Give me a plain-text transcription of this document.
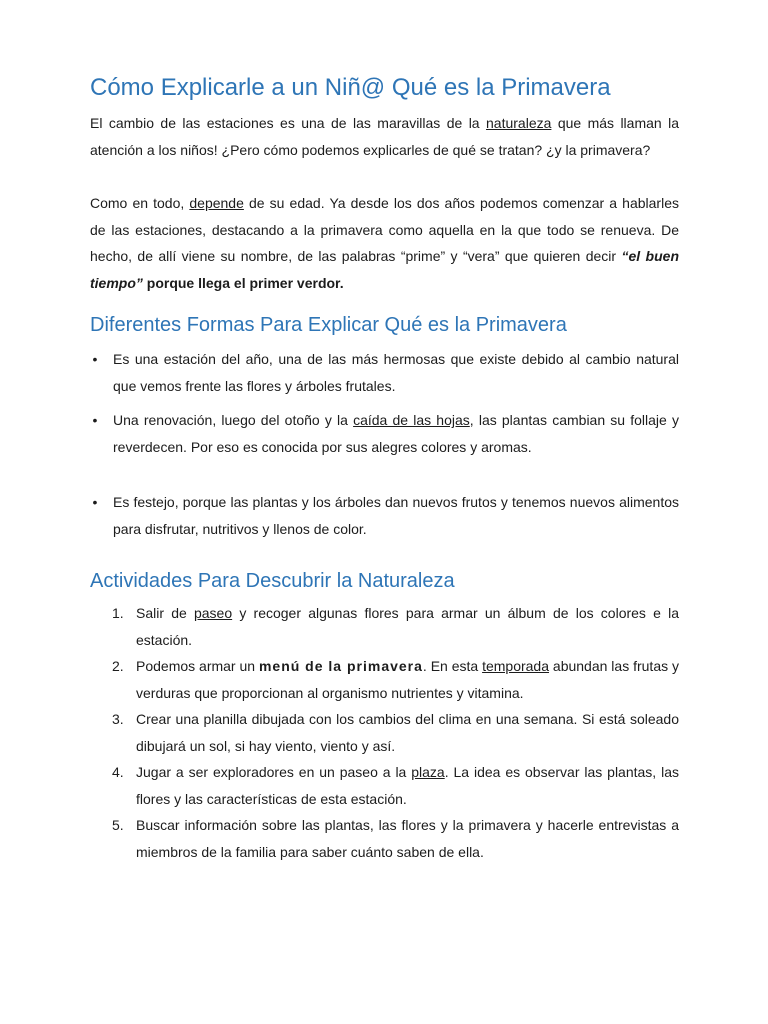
Cómo Explicarle a un Niñ@ Qué es la Primavera

El cambio de las estaciones es una de las maravillas de la naturaleza que más llaman la atención a los niños! ¿Pero cómo podemos explicarles de qué se tratan? ¿y la primavera?

Como en todo, depende de su edad. Ya desde los dos años podemos comenzar a hablarles de las estaciones, destacando a la primavera como aquella en la que todo se renueva. De hecho, de allí viene su nombre, de las palabras “prime” y “vera” que quieren decir “el buen tiempo” porque llega el primer verdor.

Diferentes Formas Para Explicar Qué es la Primavera
• Es una estación del año, una de las más hermosas que existe debido al cambio natural que vemos frente las flores y árboles frutales.
• Una renovación, luego del otoño y la caída de las hojas, las plantas cambian su follaje y reverdecen. Por eso es conocida por sus alegres colores y aromas.
• Es festejo, porque las plantas y los árboles dan nuevos frutos y tenemos nuevos alimentos para disfrutar, nutritivos y llenos de color.
Actividades Para Descubrir la Naturaleza
1. Salir de paseo y recoger algunas flores para armar un álbum de los colores e la estación.
2. Podemos armar un menú de la primavera. En esta temporada abundan las frutas y verduras que proporcionan al organismo nutrientes y vitamina.
3. Crear una planilla dibujada con los cambios del clima en una semana. Si está soleado dibujará un sol, si hay viento, viento y así.
4. Jugar a ser exploradores en un paseo a la plaza. La idea es observar las plantas, las flores y las características de esta estación.
5. Buscar información sobre las plantas, las flores y la primavera y hacerle entrevistas a miembros de la familia para saber cuánto saben de ella.
